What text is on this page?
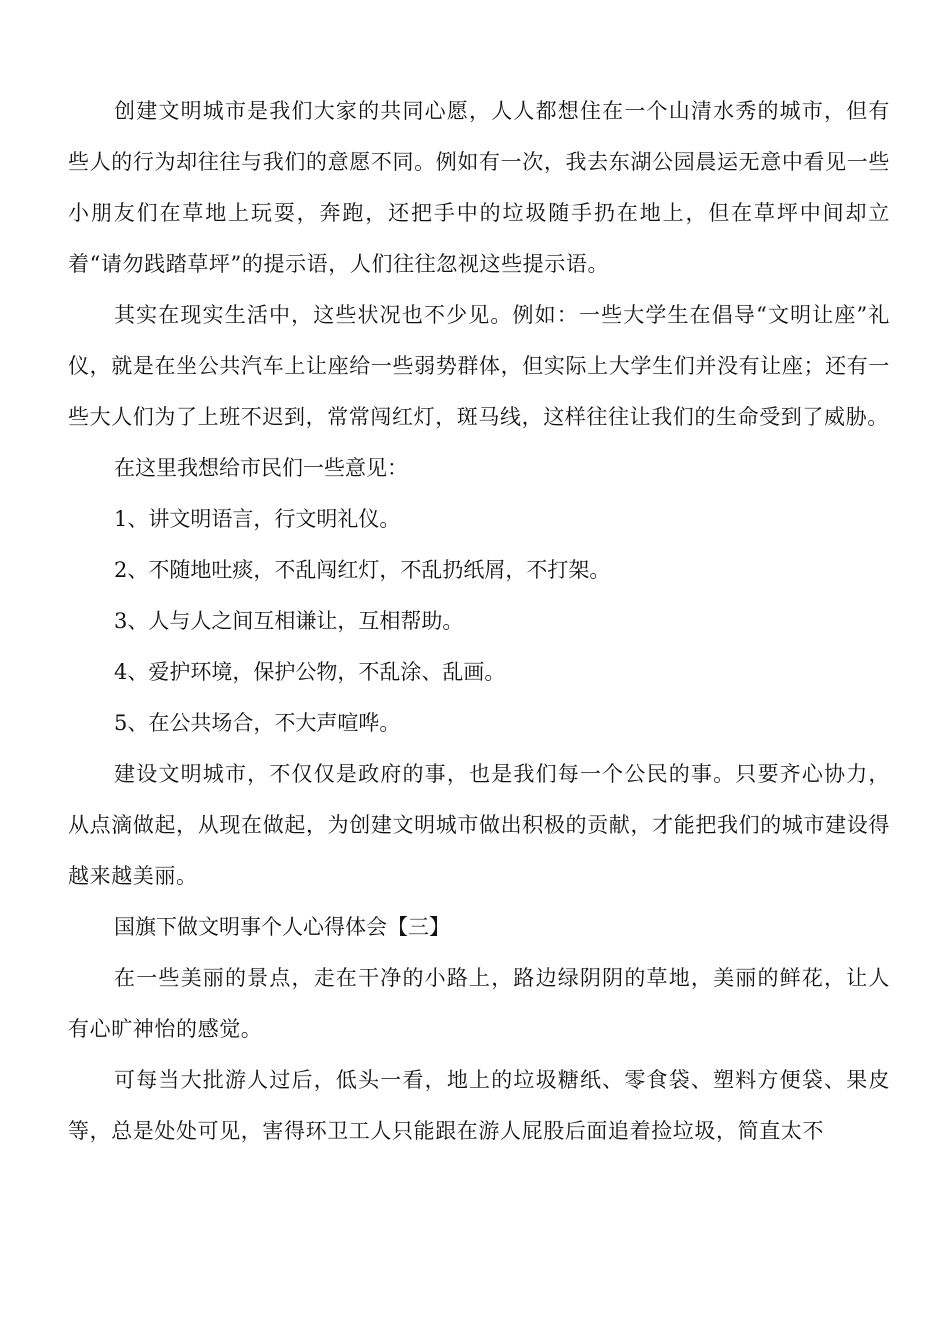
创建文明城市是我们大家的共同心愿，人人都想住在一个山清水秀的城市，但有些人的行为却往往与我们的意愿不同。例如有一次，我去东湖公园晨运无意中看见一些小朋友们在草地上玩耍，奔跑，还把手中的垃圾随手扔在地上，但在草坪中间却立着“请勿践踏草坪”的提示语，人们往往忽视这些提示语。

其实在现实生活中，这些状况也不少见。例如：一些大学生在倡导“文明让座”礼仪，就是在坐公共汽车上让座给一些弱势群体，但实际上大学生们并没有让座；还有一些大人们为了上班不迟到，常常闯红灯，斑马线，这样往往让我们的生命受到了威胁。

在这里我想给市民们一些意见：

1、讲文明语言，行文明礼仪。

2、不随地吐痰，不乱闯红灯，不乱扔纸屑，不打架。

3、人与人之间互相谦让，互相帮助。

4、爱护环境，保护公物，不乱涂、乱画。

5、在公共场合，不大声喧哗。

建设文明城市，不仅仅是政府的事，也是我们每一个公民的事。只要齐心协力，从点滴做起，从现在做起，为创建文明城市做出积极的贡献，才能把我们的城市建设得越来越美丽。

国旗下做文明事个人心得体会【三】

在一些美丽的景点，走在干净的小路上，路边绿阴阴的草地，美丽的鲜花，让人有心旷神怡的感觉。

可每当大批游人过后，低头一看，地上的垃圾糖纸、零食袋、塑料方便袋、果皮等，总是处处可见，害得环卫工人只能跟在游人屁股后面追着捡垃圾，简直太不
